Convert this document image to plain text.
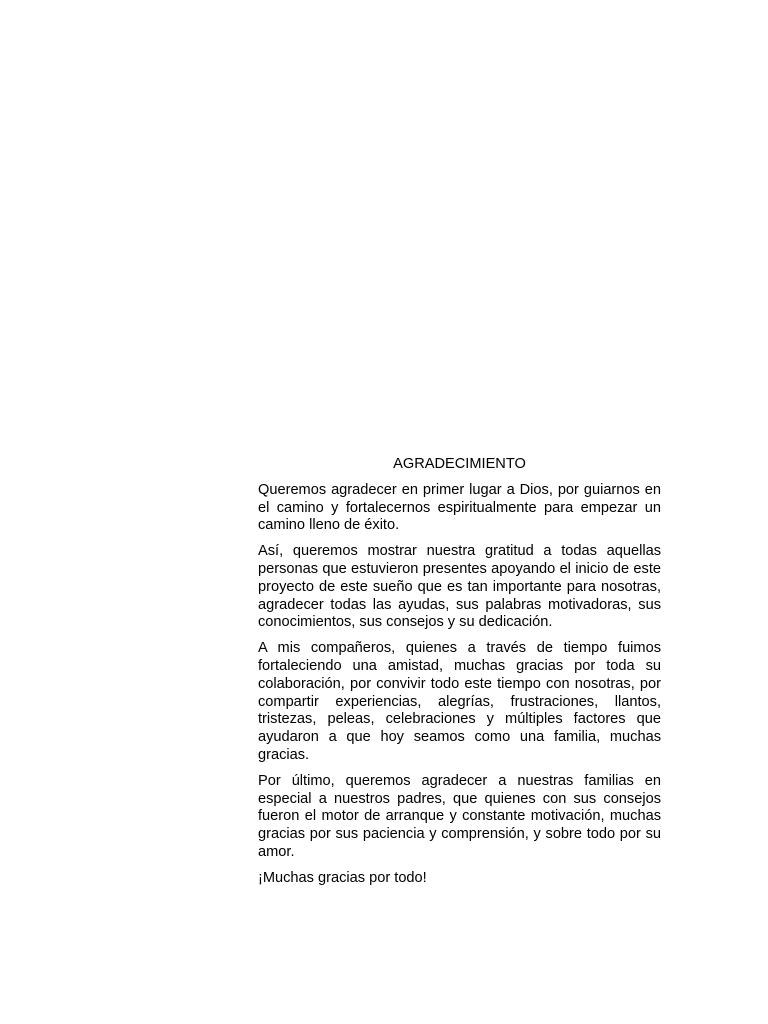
AGRADECIMIENTO

Queremos agradecer en primer lugar a Dios, por guiarnos en el camino y fortalecernos espiritualmente para empezar un camino lleno de éxito.

Así, queremos mostrar nuestra gratitud a todas aquellas personas que estuvieron presentes apoyando el inicio de este proyecto de este sueño que es tan importante para nosotras, agradecer todas las ayudas, sus palabras motivadoras, sus conocimientos, sus consejos y su dedicación.

A mis compañeros, quienes a través de tiempo fuimos fortaleciendo una amistad, muchas gracias por toda su colaboración, por convivir todo este tiempo con nosotras, por compartir experiencias, alegrías, frustraciones, llantos, tristezas, peleas, celebraciones y múltiples factores que ayudaron a que hoy seamos como una familia, muchas gracias.

Por último, queremos agradecer a nuestras familias en especial a nuestros padres, que quienes con sus consejos fueron el motor de arranque y constante motivación, muchas gracias por sus paciencia y comprensión, y sobre todo por su amor.

¡Muchas gracias por todo!
